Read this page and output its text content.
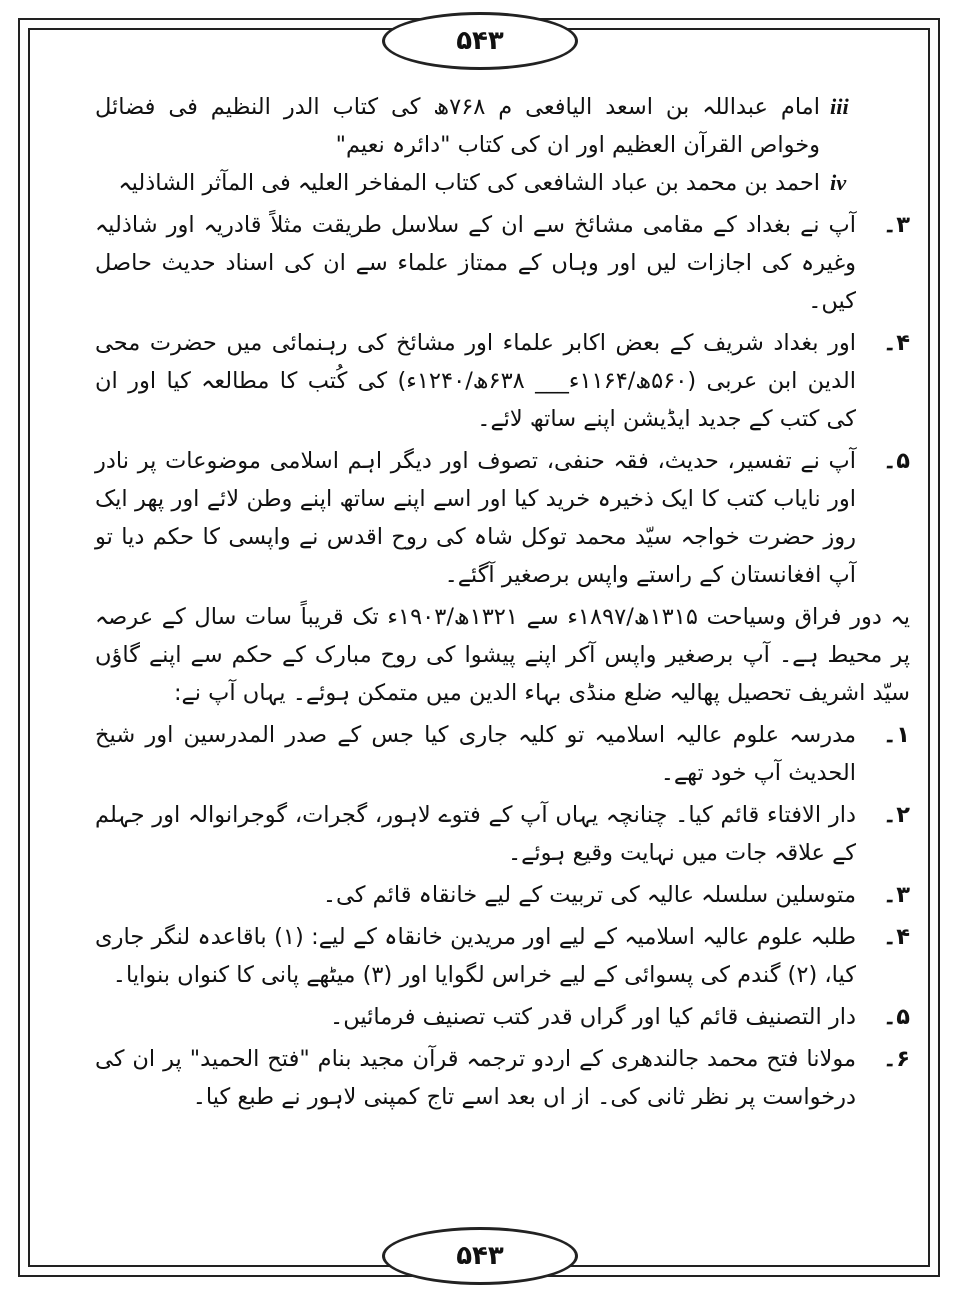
۵۴۳
۵۴۳
iii

امام عبداللہ بن اسعد الیافعی م ۷۶۸ھ کی کتاب الدر النظیم فی فضائل وخواص القرآن العظیم اور ان کی کتاب "دائرہ نعیم"

iv

احمد بن محمد بن عباد الشافعی کی کتاب المفاخر العلیہ فی المآثر الشاذلیہ

۳۔

آپ نے بغداد کے مقامی مشائخ سے ان کے سلاسل طریقت مثلاً قادریہ اور شاذلیہ وغیرہ کی اجازات لیں اور وہاں کے ممتاز علماء سے ان کی اسناد حدیث حاصل کیں۔

۴۔

اور بغداد شریف کے بعض اکابر علماء اور مشائخ کی رہنمائی میں حضرت محی الدین ابن عربی (۵۶۰ھ/۱۱۶۴ء___ ۶۳۸ھ/۱۲۴۰ء) کی کُتب کا مطالعہ کیا اور ان کی کتب کے جدید ایڈیشن اپنے ساتھ لائے۔

۵۔

آپ نے تفسیر، حدیث، فقہ حنفی، تصوف اور دیگر اہم اسلامی موضوعات پر نادر اور نایاب کتب کا ایک ذخیرہ خرید کیا اور اسے اپنے ساتھ اپنے وطن لائے اور پھر ایک روز حضرت خواجہ سیّد محمد توکل شاہ کی روح اقدس نے واپسی کا حکم دیا تو آپ افغانستان کے راستے واپس برصغیر آگئے۔

یہ دور فراق وسیاحت ۱۳۱۵ھ/۱۸۹۷ء سے ۱۳۲۱ھ/۱۹۰۳ء تک قریباً سات سال کے عرصہ پر محیط ہے۔ آپ برصغیر واپس آکر اپنے پیشوا کی روح مبارک کے حکم سے اپنے گاؤں سیّد اشریف تحصیل پھالیہ ضلع منڈی بہاء الدین میں متمکن ہوئے۔ یہاں آپ نے:

۱۔

مدرسہ علوم عالیہ اسلامیہ تو کلیہ جاری کیا جس کے صدر المدرسین اور شیخ الحدیث آپ خود تھے۔

۲۔

دار الافتاء قائم کیا۔ چنانچہ یہاں آپ کے فتوے لاہور، گجرات، گوجرانوالہ اور جہلم کے علاقہ جات میں نہایت وقیع ہوئے۔

۳۔

متوسلین سلسلہ عالیہ کی تربیت کے لیے خانقاہ قائم کی۔

۴۔

طلبہ علوم عالیہ اسلامیہ کے لیے اور مریدین خانقاہ کے لیے: (۱) باقاعدہ لنگر جاری کیا، (۲) گندم کی پسوائی کے لیے خراس لگوایا اور (۳) میٹھے پانی کا کنواں بنوایا۔

۵۔

دار التصنیف قائم کیا اور گراں قدر کتب تصنیف فرمائیں۔

۶۔

مولانا فتح محمد جالندھری کے اردو ترجمہ قرآن مجید بنام "فتح الحمید" پر ان کی درخواست پر نظر ثانی کی۔ از اں بعد اسے تاج کمپنی لاہور نے طبع کیا۔
